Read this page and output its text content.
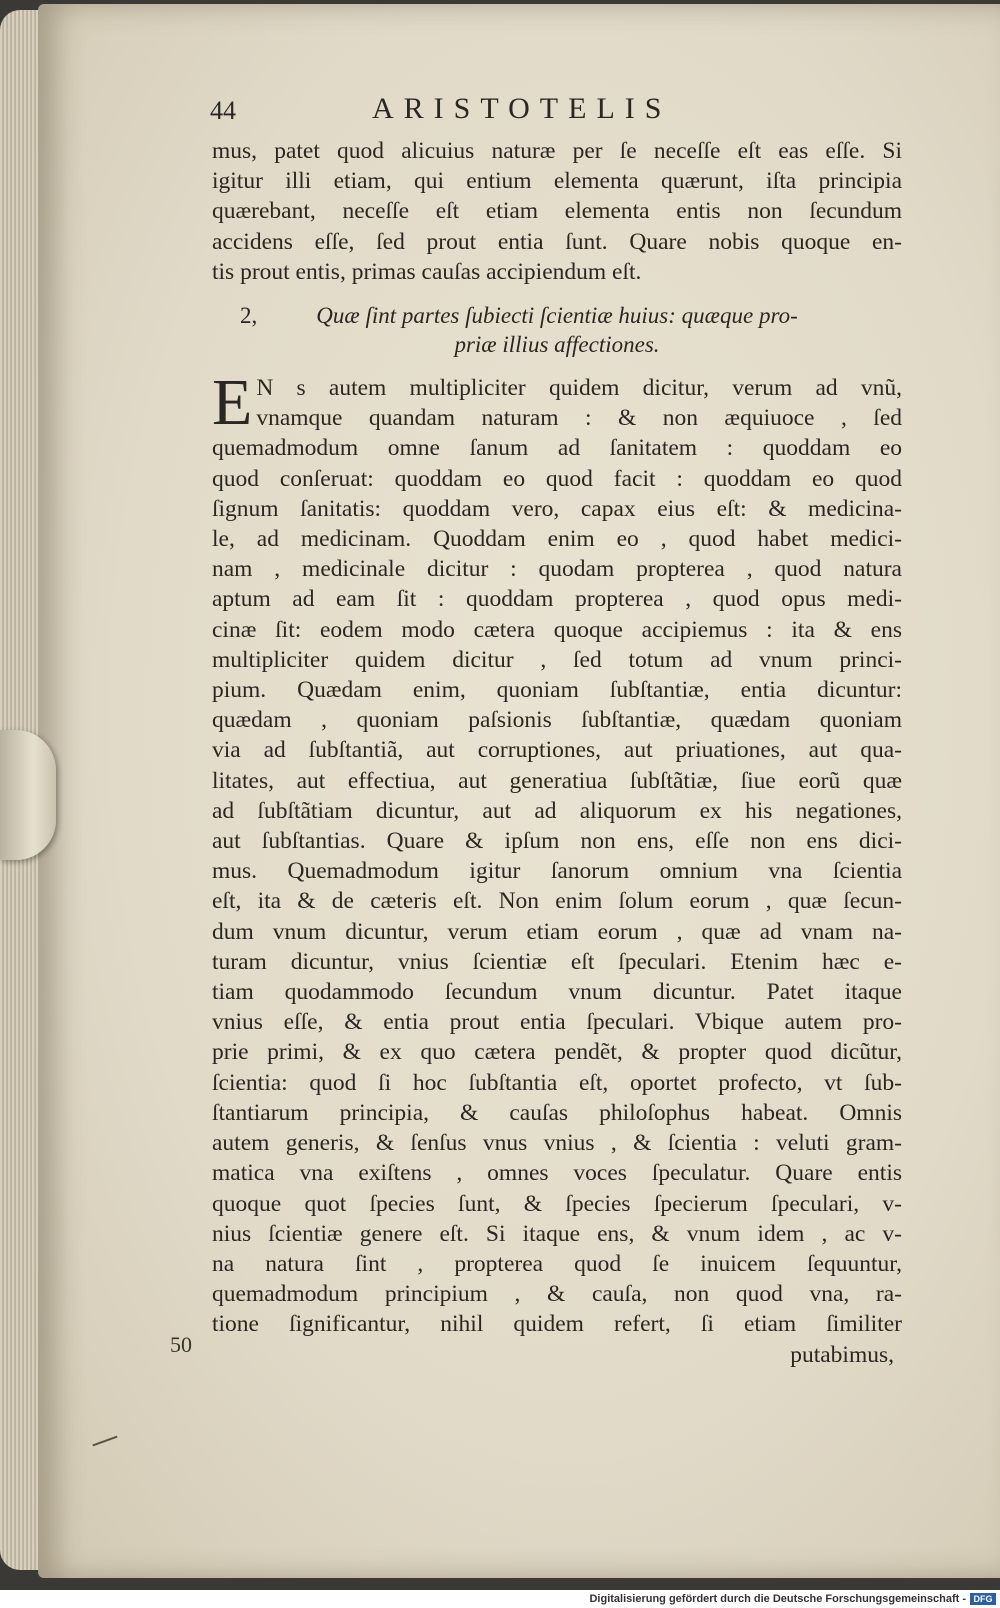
44	ARISTOTELIS
mus, patet quod alicuius naturæ per ſe neceſſe eſt eas eſſe. Si
igitur illi etiam, qui entium elementa quærunt, iſta principia
quærebant, neceſſe eſt etiam elementa entis non ſecundum
accidens eſſe, ſed prout entia ſunt. Quare nobis quoque en-
tis prout entis, primas cauſas accipiendum eſt.
2,	Quæ ſint partes ſubiecti ſcientiæ huius: quæque pro-
priæ illius affectiones.
E N s autem multipliciter quidem dicitur, verum ad vnũ,
vnamque quandam naturam : & non æquiuoce , ſed
quemadmodum omne ſanum ad ſanitatem : quoddam eo
quod conſeruat: quoddam eo quod facit : quoddam eo quod
ſignum ſanitatis: quoddam vero, capax eius eſt: & medicina-
le, ad medicinam. Quoddam enim eo , quod habet medici-
nam , medicinale dicitur : quodam propterea , quod natura
aptum ad eam ſit : quoddam propterea , quod opus medi-
cinæ ſit: eodem modo cætera quoque accipiemus : ita & ens
multipliciter quidem dicitur , ſed totum ad vnum princi-
pium. Quædam enim, quoniam ſubſtantiæ, entia dicuntur:
quædam , quoniam paſsionis ſubſtantiæ, quædam quoniam
via ad ſubſtantiã, aut corruptiones, aut priuationes, aut qua-
litates, aut effectiua, aut generatiua ſubſtãtiæ, ſiue eorũ quæ
ad ſubſtãtiam dicuntur, aut ad aliquorum ex his negationes,
aut ſubſtantias. Quare & ipſum non ens, eſſe non ens dici-
mus. Quemadmodum igitur ſanorum omnium vna ſcientia
eſt, ita & de cæteris eſt. Non enim ſolum eorum , quæ ſecun-
dum vnum dicuntur, verum etiam eorum , quæ ad vnam na-
turam dicuntur, vnius ſcientiæ eſt ſpeculari. Etenim hæc e-
tiam quodammodo ſecundum vnum dicuntur. Patet itaque
vnius eſſe, & entia prout entia ſpeculari. Vbique autem pro-
prie primi, & ex quo cætera pendẽt, & propter quod dicũtur,
ſcientia: quod ſi hoc ſubſtantia eſt, oportet profecto, vt ſub-
ſtantiarum principia, & cauſas philoſophus habeat. Omnis
autem generis, & ſenſus vnus vnius , & ſcientia : veluti gram-
matica vna exiſtens , omnes voces ſpeculatur. Quare entis
quoque quot ſpecies ſunt, & ſpecies ſpecierum ſpeculari, v-
nius ſcientiæ genere eſt. Si itaque ens, & vnum idem , ac v-
na natura ſint , propterea quod ſe inuicem ſequuntur,
quemadmodum principium , & cauſa, non quod vna, ra-
tione ſignificantur, nihil quidem refert, ſi etiam ſimiliter
putabimus,
50
Digitalisierung gefördert durch die Deutsche Forschungsgemeinschaft - DFG
